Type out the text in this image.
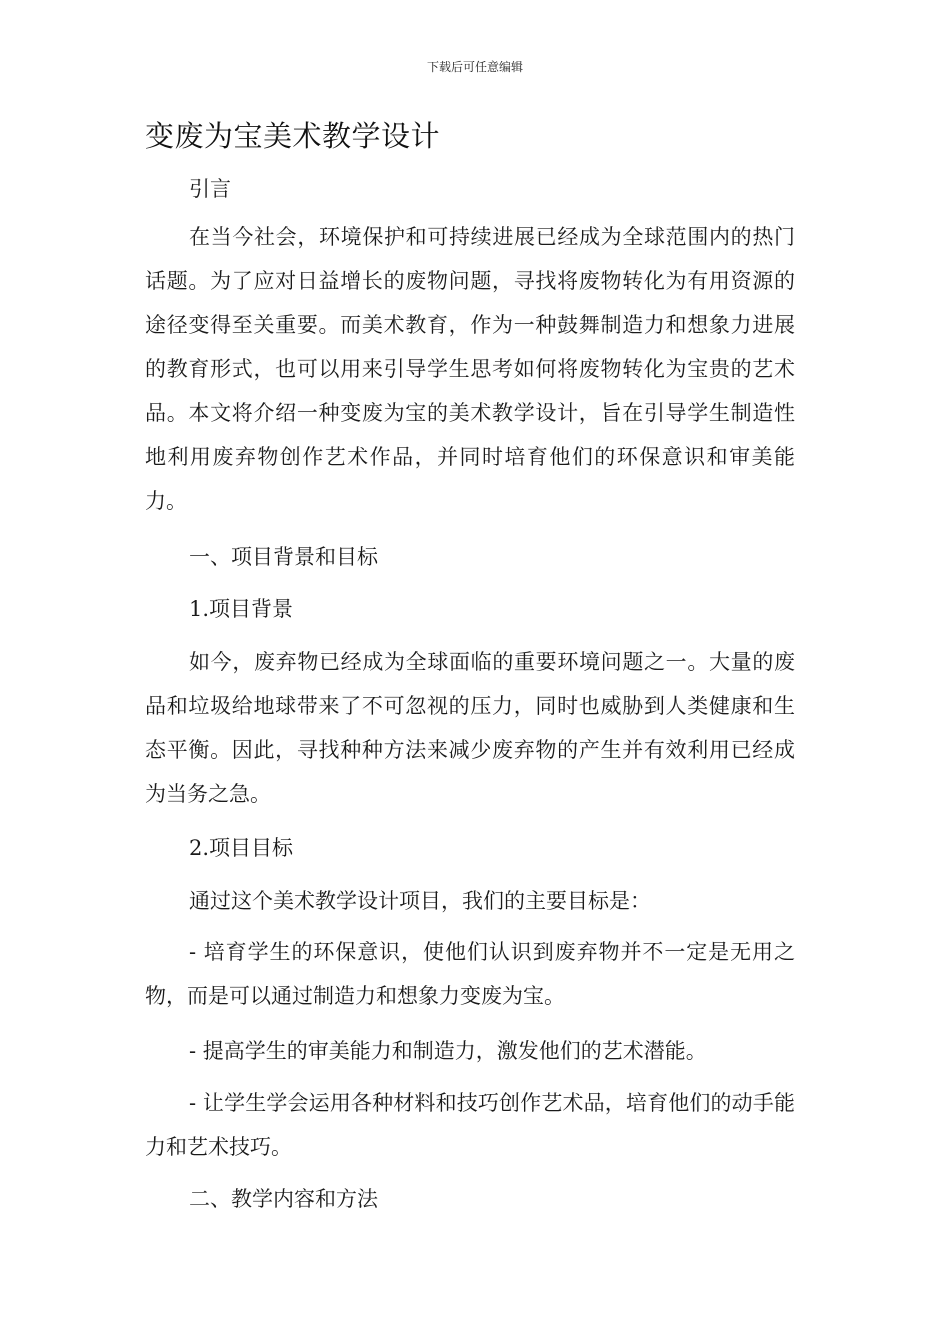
下载后可任意编辑
变废为宝美术教学设计

引言

在当今社会，环境保护和可持续进展已经成为全球范围内的热门话题。为了应对日益增长的废物问题，寻找将废物转化为有用资源的途径变得至关重要。而美术教育，作为一种鼓舞制造力和想象力进展的教育形式，也可以用来引导学生思考如何将废物转化为宝贵的艺术品。本文将介绍一种变废为宝的美术教学设计，旨在引导学生制造性地利用废弃物创作艺术作品，并同时培育他们的环保意识和审美能力。

一、项目背景和目标

1.项目背景

如今，废弃物已经成为全球面临的重要环境问题之一。大量的废品和垃圾给地球带来了不可忽视的压力，同时也威胁到人类健康和生态平衡。因此，寻找种种方法来减少废弃物的产生并有效利用已经成为当务之急。

2.项目目标

通过这个美术教学设计项目，我们的主要目标是：

- 培育学生的环保意识，使他们认识到废弃物并不一定是无用之物，而是可以通过制造力和想象力变废为宝。

- 提高学生的审美能力和制造力，激发他们的艺术潜能。

- 让学生学会运用各种材料和技巧创作艺术品，培育他们的动手能力和艺术技巧。

二、教学内容和方法
